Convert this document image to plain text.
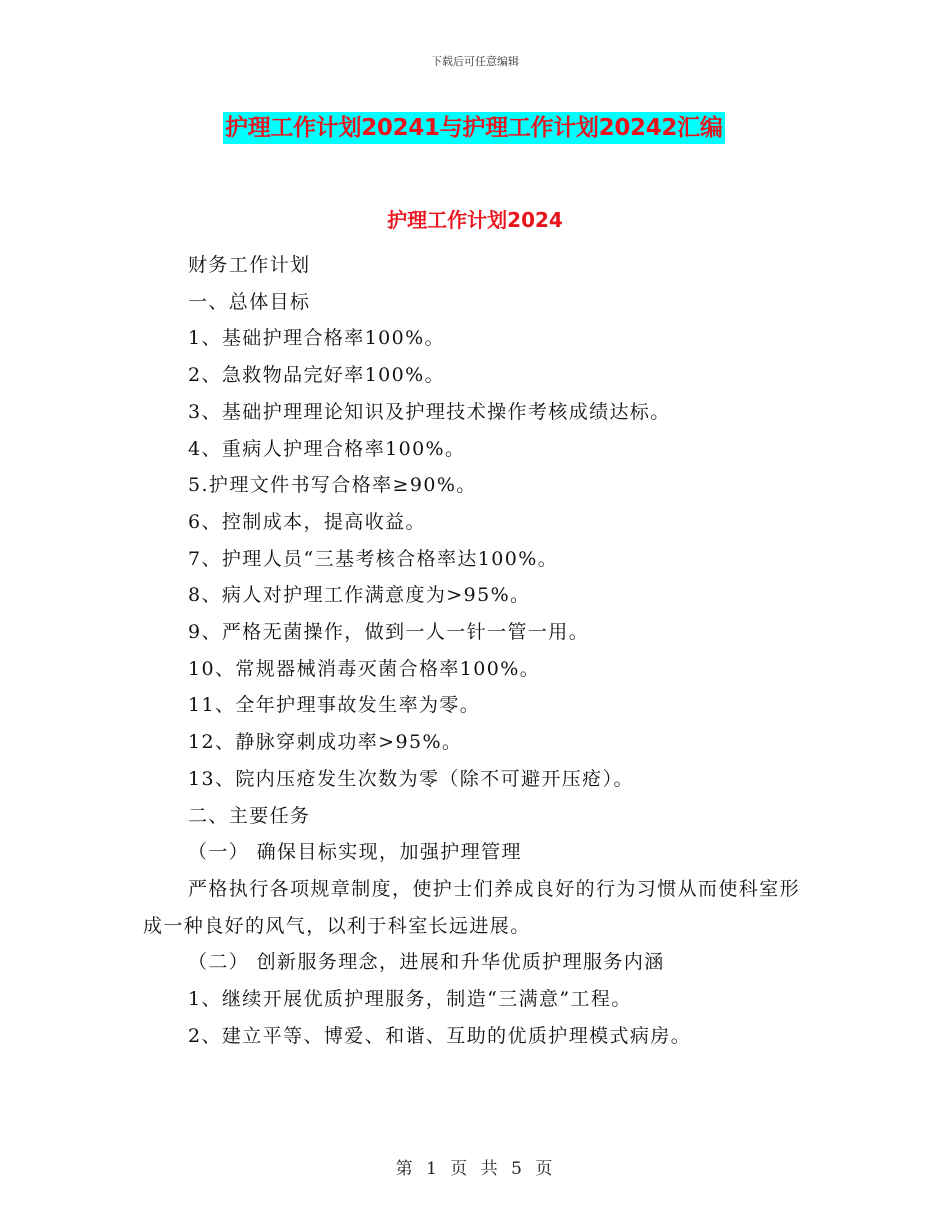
下载后可任意编辑
护理工作计划20241与护理工作计划20242汇编
护理工作计划2024

财务工作计划

一、总体目标

1、基础护理合格率100%。

2、急救物品完好率100%。

3、基础护理理论知识及护理技术操作考核成绩达标。

4、重病人护理合格率100%。

5.护理文件书写合格率≥90%。

6、控制成本，提高收益。

7、护理人员“三基考核合格率达100%。

8、病人对护理工作满意度为>95%。

9、严格无菌操作，做到一人一针一管一用。

10、常规器械消毒灭菌合格率100%。

11、全年护理事故发生率为零。

12、静脉穿刺成功率>95%。

13、院内压疮发生次数为零（除不可避开压疮）。

二、主要任务

（一） 确保目标实现，加强护理管理

严格执行各项规章制度，使护士们养成良好的行为习惯从而使科室形成一种良好的风气，以利于科室长远进展。

（二） 创新服务理念，进展和升华优质护理服务内涵

1、继续开展优质护理服务，制造“三满意”工程。

2、建立平等、博爱、和谐、互助的优质护理模式病房。

第 1 页 共 5 页
